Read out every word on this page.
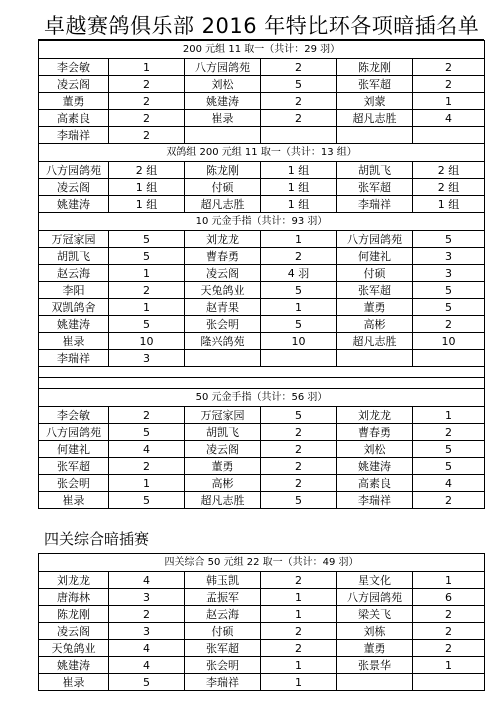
卓越赛鸽俱乐部 2016 年特比环各项暗插名单
200 元组 11 取一（共计：29 羽）					
李会敏	1	八方园鸽苑	2	陈龙刚	2
凌云阁	2	刘松	5	张军超	2
董勇	2	姚建涛	2	刘蒙	1
高素良	2	崔录	2	超凡志胜	4
李瑞祥	2				
双鸽组 200 元组 11 取一（共计：13 组）					
八方园鸽苑	2 组	陈龙刚	1 组	胡凯飞	2 组
凌云阁	1 组	付硕	1 组	张军超	2 组
姚建涛	1 组	超凡志胜	1 组	李瑞祥	1 组
10 元金手指（共计：93 羽）					
万冠家园	5	刘龙龙	1	八方园鸽苑	5
胡凯飞	5	曹春勇	2	何建礼	3
赵云海	1	凌云阁	4 羽	付硕	3
李阳	2	天兔鸽业	5	张军超	5
双凯鸽舍	1	赵青果	1	董勇	5
姚建涛	5	张会明	5	高彬	2
崔录	10	隆兴鸽苑	10	超凡志胜	10
李瑞祥	3				

50 元金手指（共计：56 羽）					
李会敏	2	万冠家园	5	刘龙龙	1
八方园鸽苑	5	胡凯飞	2	曹春勇	2
何建礼	4	凌云阁	2	刘松	5
张军超	2	董勇	2	姚建涛	5
张会明	1	高彬	2	高素良	4
崔录	5	超凡志胜	5	李瑞祥	2
四关综合暗插赛
四关综合 50 元组 22 取一（共计：49 羽）					
刘龙龙	4	韩玉凯	2	星文化	1
唐海林	3	孟振军	1	八方园鸽苑	6
陈龙刚	2	赵云海	1	梁关飞	2
凌云阁	3	付硕	2	刘栋	2
天兔鸽业	4	张军超	2	董勇	2
姚建涛	4	张会明	1	张景华	1
崔录	5	李瑞祥	1		
